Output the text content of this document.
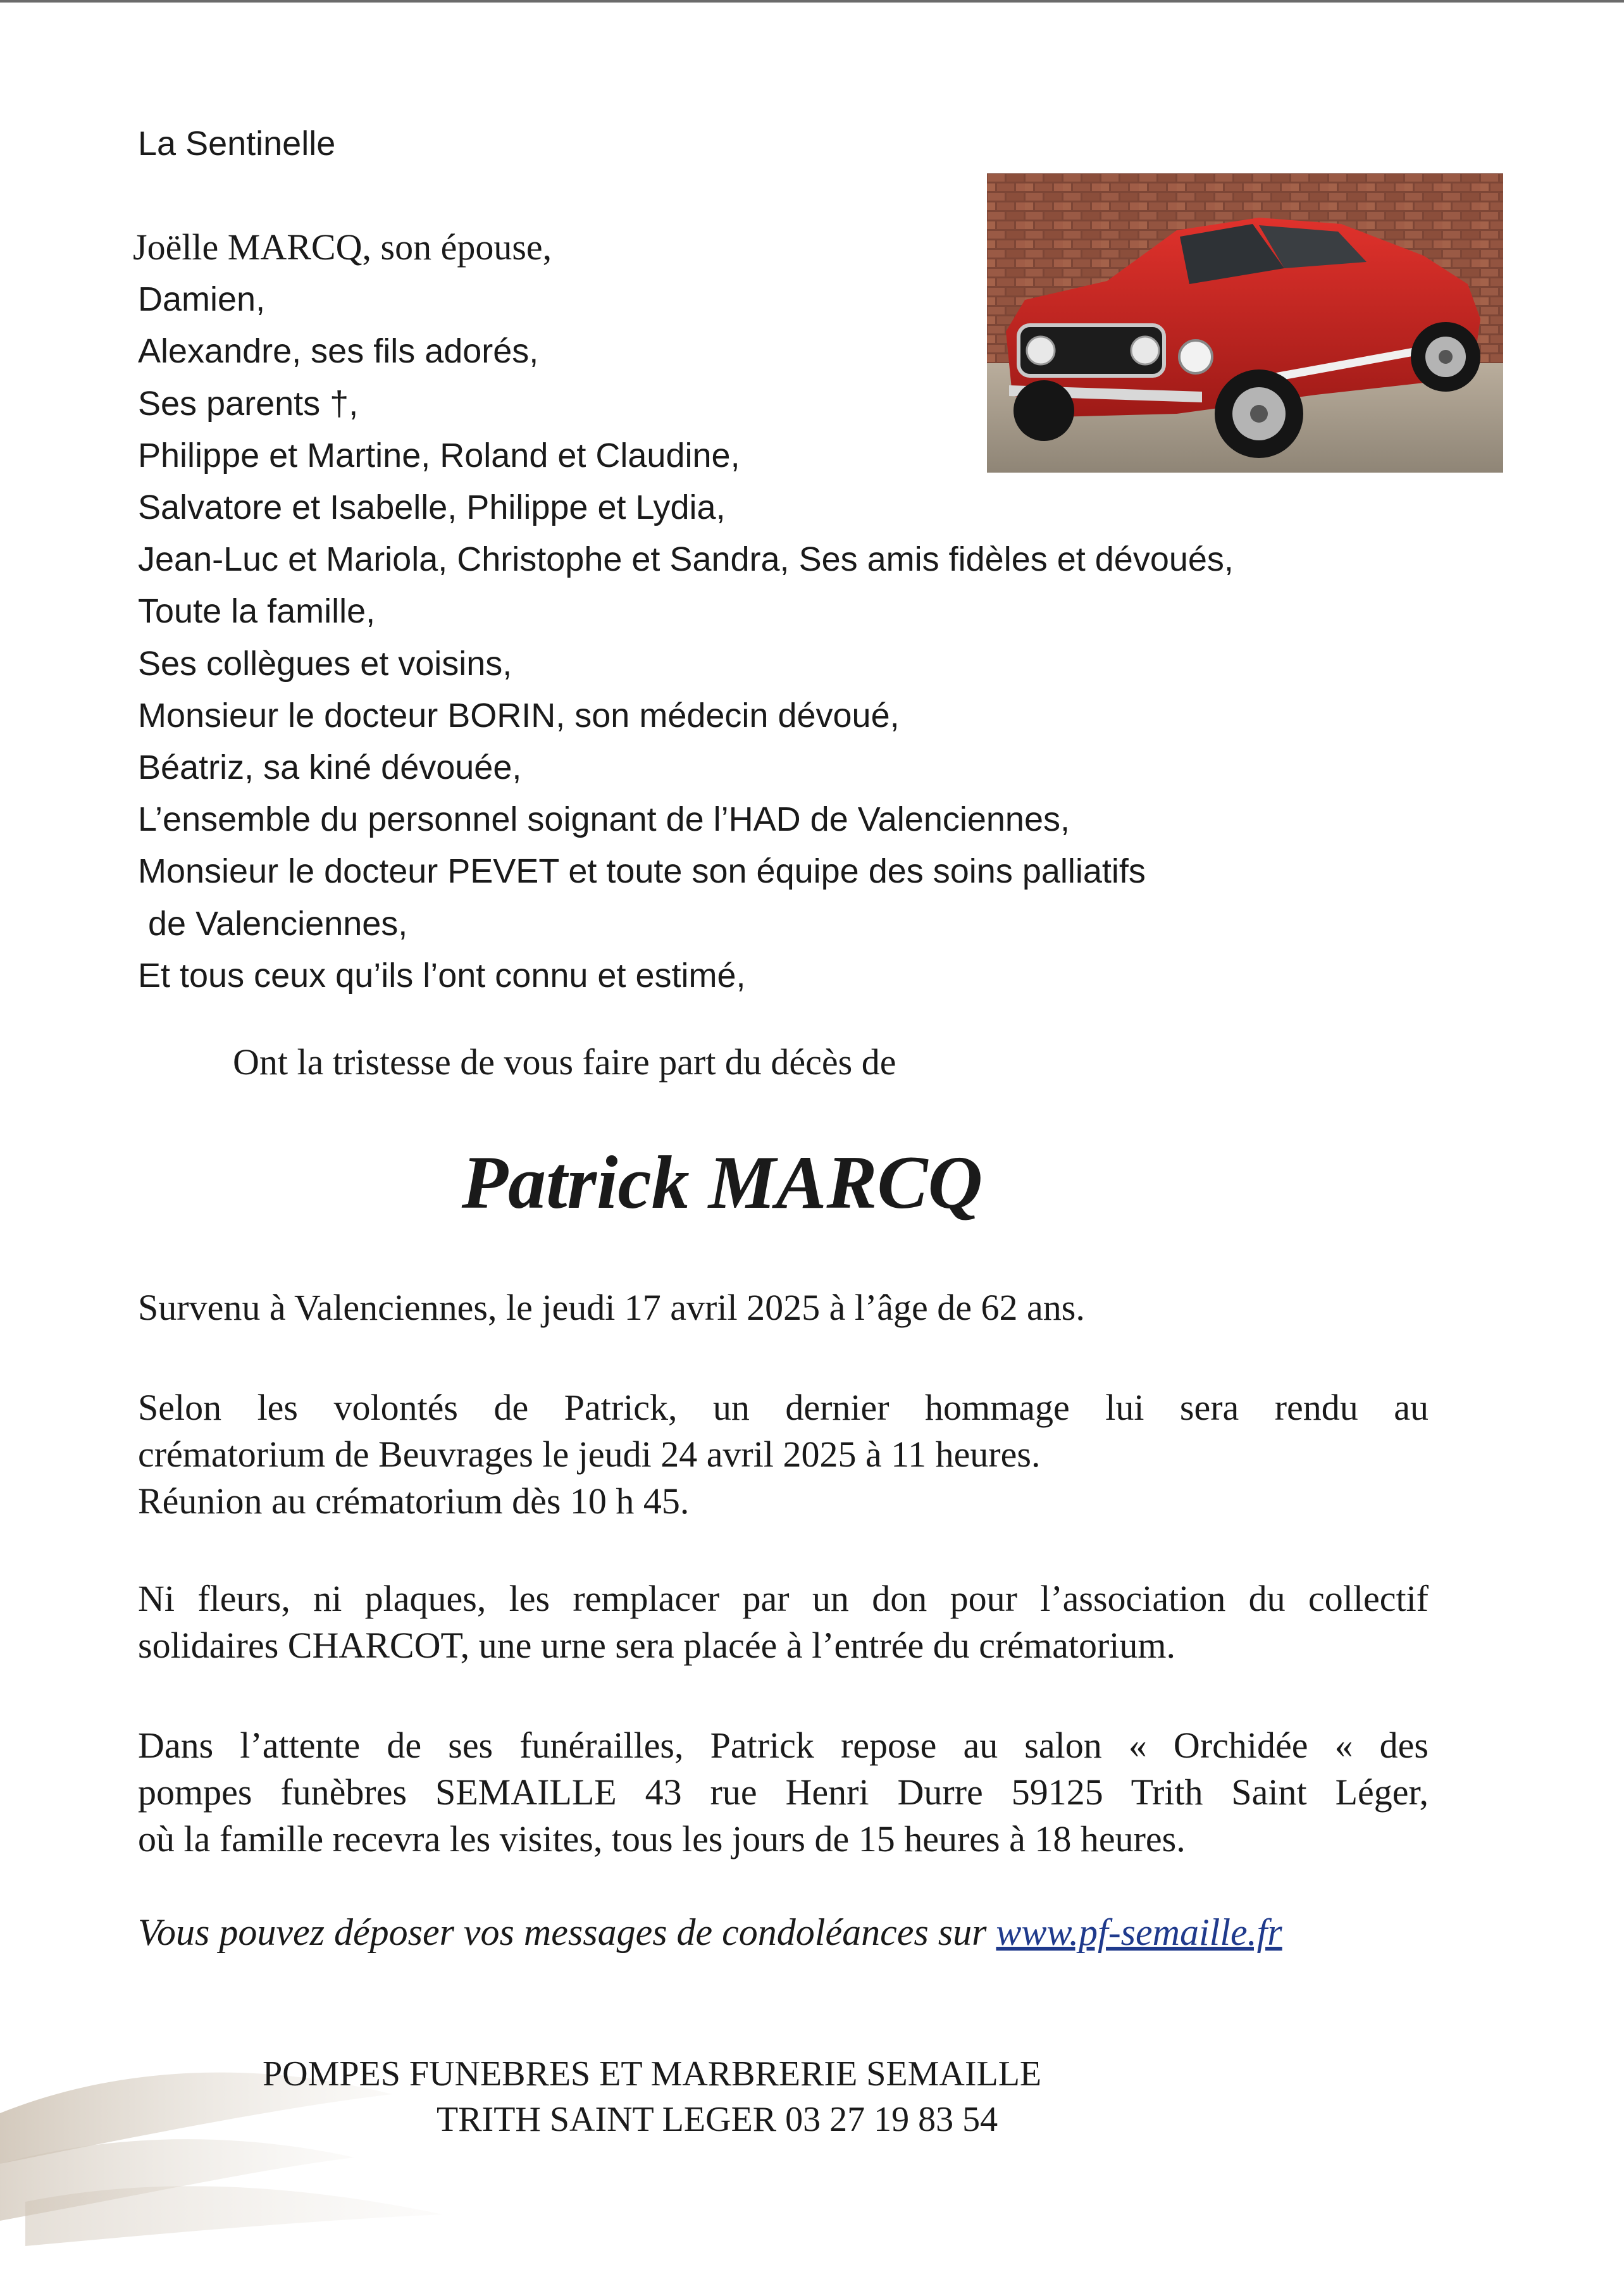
La Sentinelle
Joëlle MARCQ, son épouse,
Damien,
Alexandre, ses fils adorés,
Ses parents †,
Philippe et Martine, Roland et Claudine,
Salvatore et Isabelle, Philippe et Lydia,
Jean-Luc et Mariola, Christophe et Sandra, Ses amis fidèles et dévoués,
Toute la famille,
Ses collègues et voisins,
Monsieur le docteur BORIN, son médecin dévoué,
Béatriz, sa kiné dévouée,
L’ensemble du personnel soignant de l’HAD de Valenciennes,
Monsieur le docteur PEVET et toute son équipe des soins palliatifs
de Valenciennes,
Et tous ceux qu’ils l’ont connu et estimé,
Ont la tristesse de vous faire part du décès de
Patrick MARCQ
Survenu à Valenciennes, le jeudi 17 avril 2025 à l’âge de 62 ans.
Selon les volontés de Patrick, un dernier hommage lui sera rendu au
crématorium de Beuvrages le jeudi 24 avril 2025 à 11 heures.
Réunion au crématorium dès 10 h 45.
Ni fleurs, ni plaques, les remplacer par un don pour l’association du collectif
solidaires CHARCOT, une urne sera placée à l’entrée du crématorium.
Dans l’attente de ses funérailles, Patrick repose au salon « Orchidée « des
pompes funèbres SEMAILLE 43 rue Henri Durre 59125 Trith Saint Léger,
où la famille recevra les visites, tous les jours de 15 heures à 18 heures.
Vous pouvez déposer vos messages de condoléances sur www.pf-semaille.fr
POMPES FUNEBRES ET MARBRERIE SEMAILLE
TRITH SAINT LEGER 03 27 19 83 54
